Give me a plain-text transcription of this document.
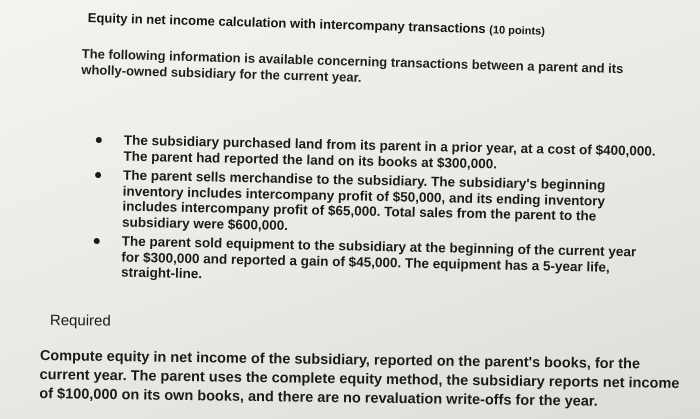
Equity in net income calculation with intercompany transactions (10 points)
The following information is available concerning transactions between a parent and its wholly-owned subsidiary for the current year.
The subsidiary purchased land from its parent in a prior year, at a cost of $400,000. The parent had reported the land on its books at $300,000.
The parent sells merchandise to the subsidiary. The subsidiary's beginning inventory includes intercompany profit of $50,000, and its ending inventory includes intercompany profit of $65,000. Total sales from the parent to the subsidiary were $600,000.
The parent sold equipment to the subsidiary at the beginning of the current year for $300,000 and reported a gain of $45,000. The equipment has a 5-year life, straight-line.
Required
Compute equity in net income of the subsidiary, reported on the parent's books, for the current year. The parent uses the complete equity method, the subsidiary reports net income of $100,000 on its own books, and there are no revaluation write-offs for the year.
